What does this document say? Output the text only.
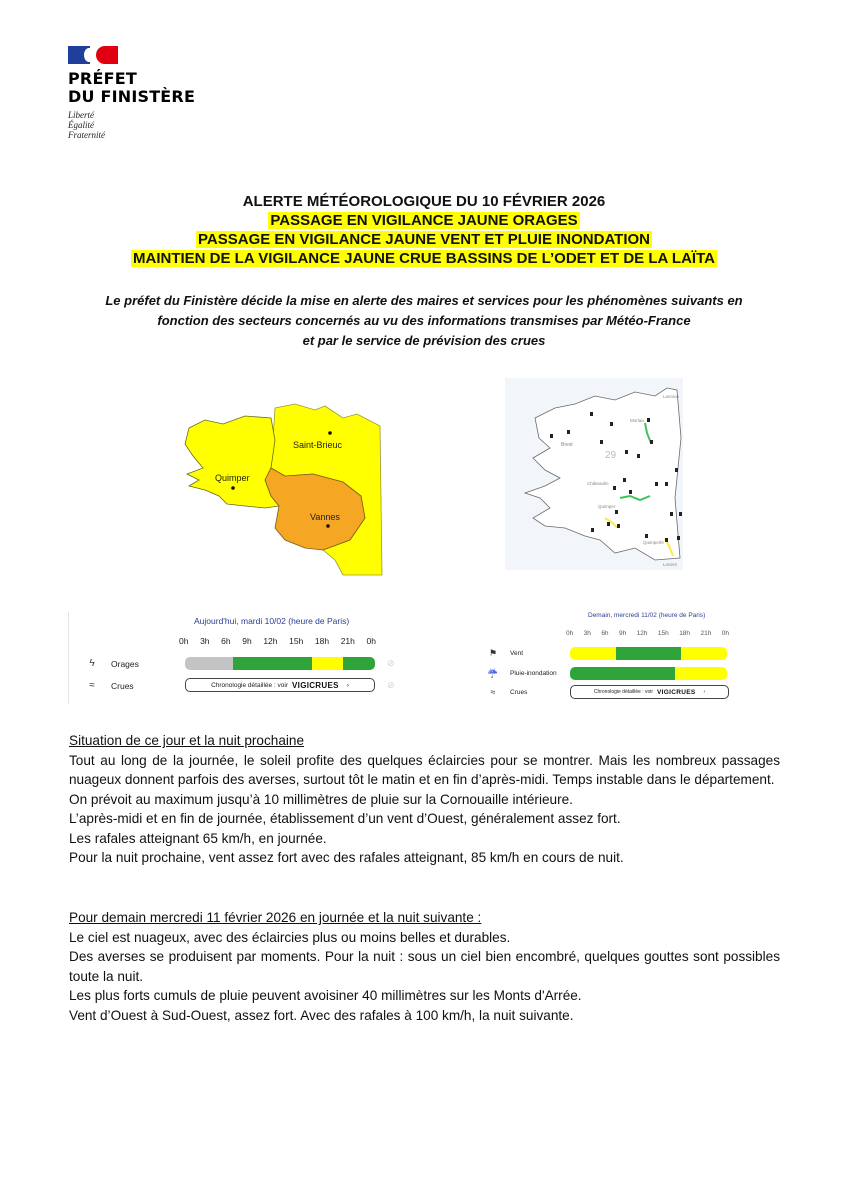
PRÉFET
DU FINISTÈRE
Liberté
Égalité
Fraternité
ALERTE MÉTÉOROLOGIQUE DU 10 FÉVRIER 2026
PASSAGE EN VIGILANCE JAUNE ORAGES
PASSAGE EN VIGILANCE JAUNE VENT ET PLUIE INONDATION
MAINTIEN DE LA VIGILANCE JAUNE CRUE BASSINS DE L’ODET ET DE LA LAÏTA
Le préfet du Finistère décide la mise en alerte des maires et services pour les phénomènes suivants en
fonction des secteurs concernés au vu des informations transmises par Météo-France
et par le service de prévision des crues
Saint-Brieuc
Quimper
Vannes
Brest
29
Morlaix
Châteaulin
Quimper
Quimperlé
Lannion
Lorient
Aujourd'hui, mardi 10/02 (heure de Paris)
0h 3h 6h 9h 12h 15h 18h 21h 0h
ϟ	Orages	⊘
≈	Crues	Chronologie détaillée : voir VIGICRUES ›	⊘
Demain, mercredi 11/02 (heure de Paris)
0h 3h 6h 9h 12h 15h 18h 21h 0h
⚑	Vent
☔	Pluie-inondation
≈	Crues	Chronologie détaillée : voir VIGICRUES ›
Situation de ce jour et la nuit prochaine

Tout au long de la journée, le soleil profite des quelques éclaircies pour se montrer. Mais les nombreux passages nuageux donnent parfois des averses, surtout tôt le matin et en fin d’après-midi. Temps instable dans le département.

On prévoit au maximum jusqu’à 10 millimètres de pluie sur la Cornouaille intérieure.

L’après-midi et en fin de journée, établissement d’un vent d’Ouest, généralement assez fort.

Les rafales atteignant 65 km/h, en journée.

Pour la nuit prochaine, vent assez fort avec des rafales atteignant, 85 km/h en cours de nuit.

Pour demain mercredi 11 février 2026 en journée et la nuit suivante :

Le ciel est nuageux, avec des éclaircies plus ou moins belles et durables.

Des averses se produisent par moments. Pour la nuit : sous un ciel bien encombré, quelques gouttes sont possibles toute la nuit.

Les plus forts cumuls de pluie peuvent avoisiner 40 millimètres sur les Monts d'Arrée.

Vent d’Ouest à Sud-Ouest, assez fort. Avec des rafales à 100 km/h, la nuit suivante.
